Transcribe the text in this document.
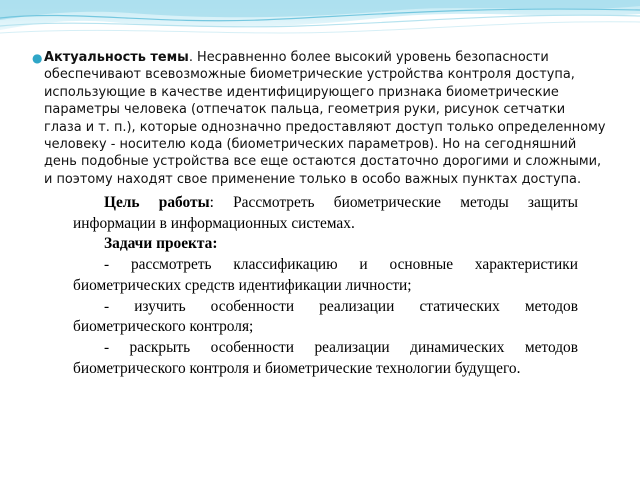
● Актуальность темы. Несравненно более высокий уровень безопасности обеспечивают всевозможные биометрические устройства контроля доступа, использующие в качестве идентифицирующего признака биометрические параметры человека (отпечаток пальца, геометрия руки, рисунок сетчатки глаза и т. п.), которые однозначно предоставляют доступ только определенному человеку - носителю кода (биометрических параметров). Но на сегодняшний день подобные устройства все еще остаются достаточно дорогими и сложными, и поэтому находят свое применение только в особо важных пунктах доступа.

Цель работы: Рассмотреть биометрические методы защиты информации в информационных системах.

Задачи проекта:

- рассмотреть классификацию и основные характеристики биометрических средств идентификации личности;

- изучить особенности реализации статических методов биометрического контроля;

- раскрыть особенности реализации динамических методов биометрического контроля и биометрические технологии будущего.
